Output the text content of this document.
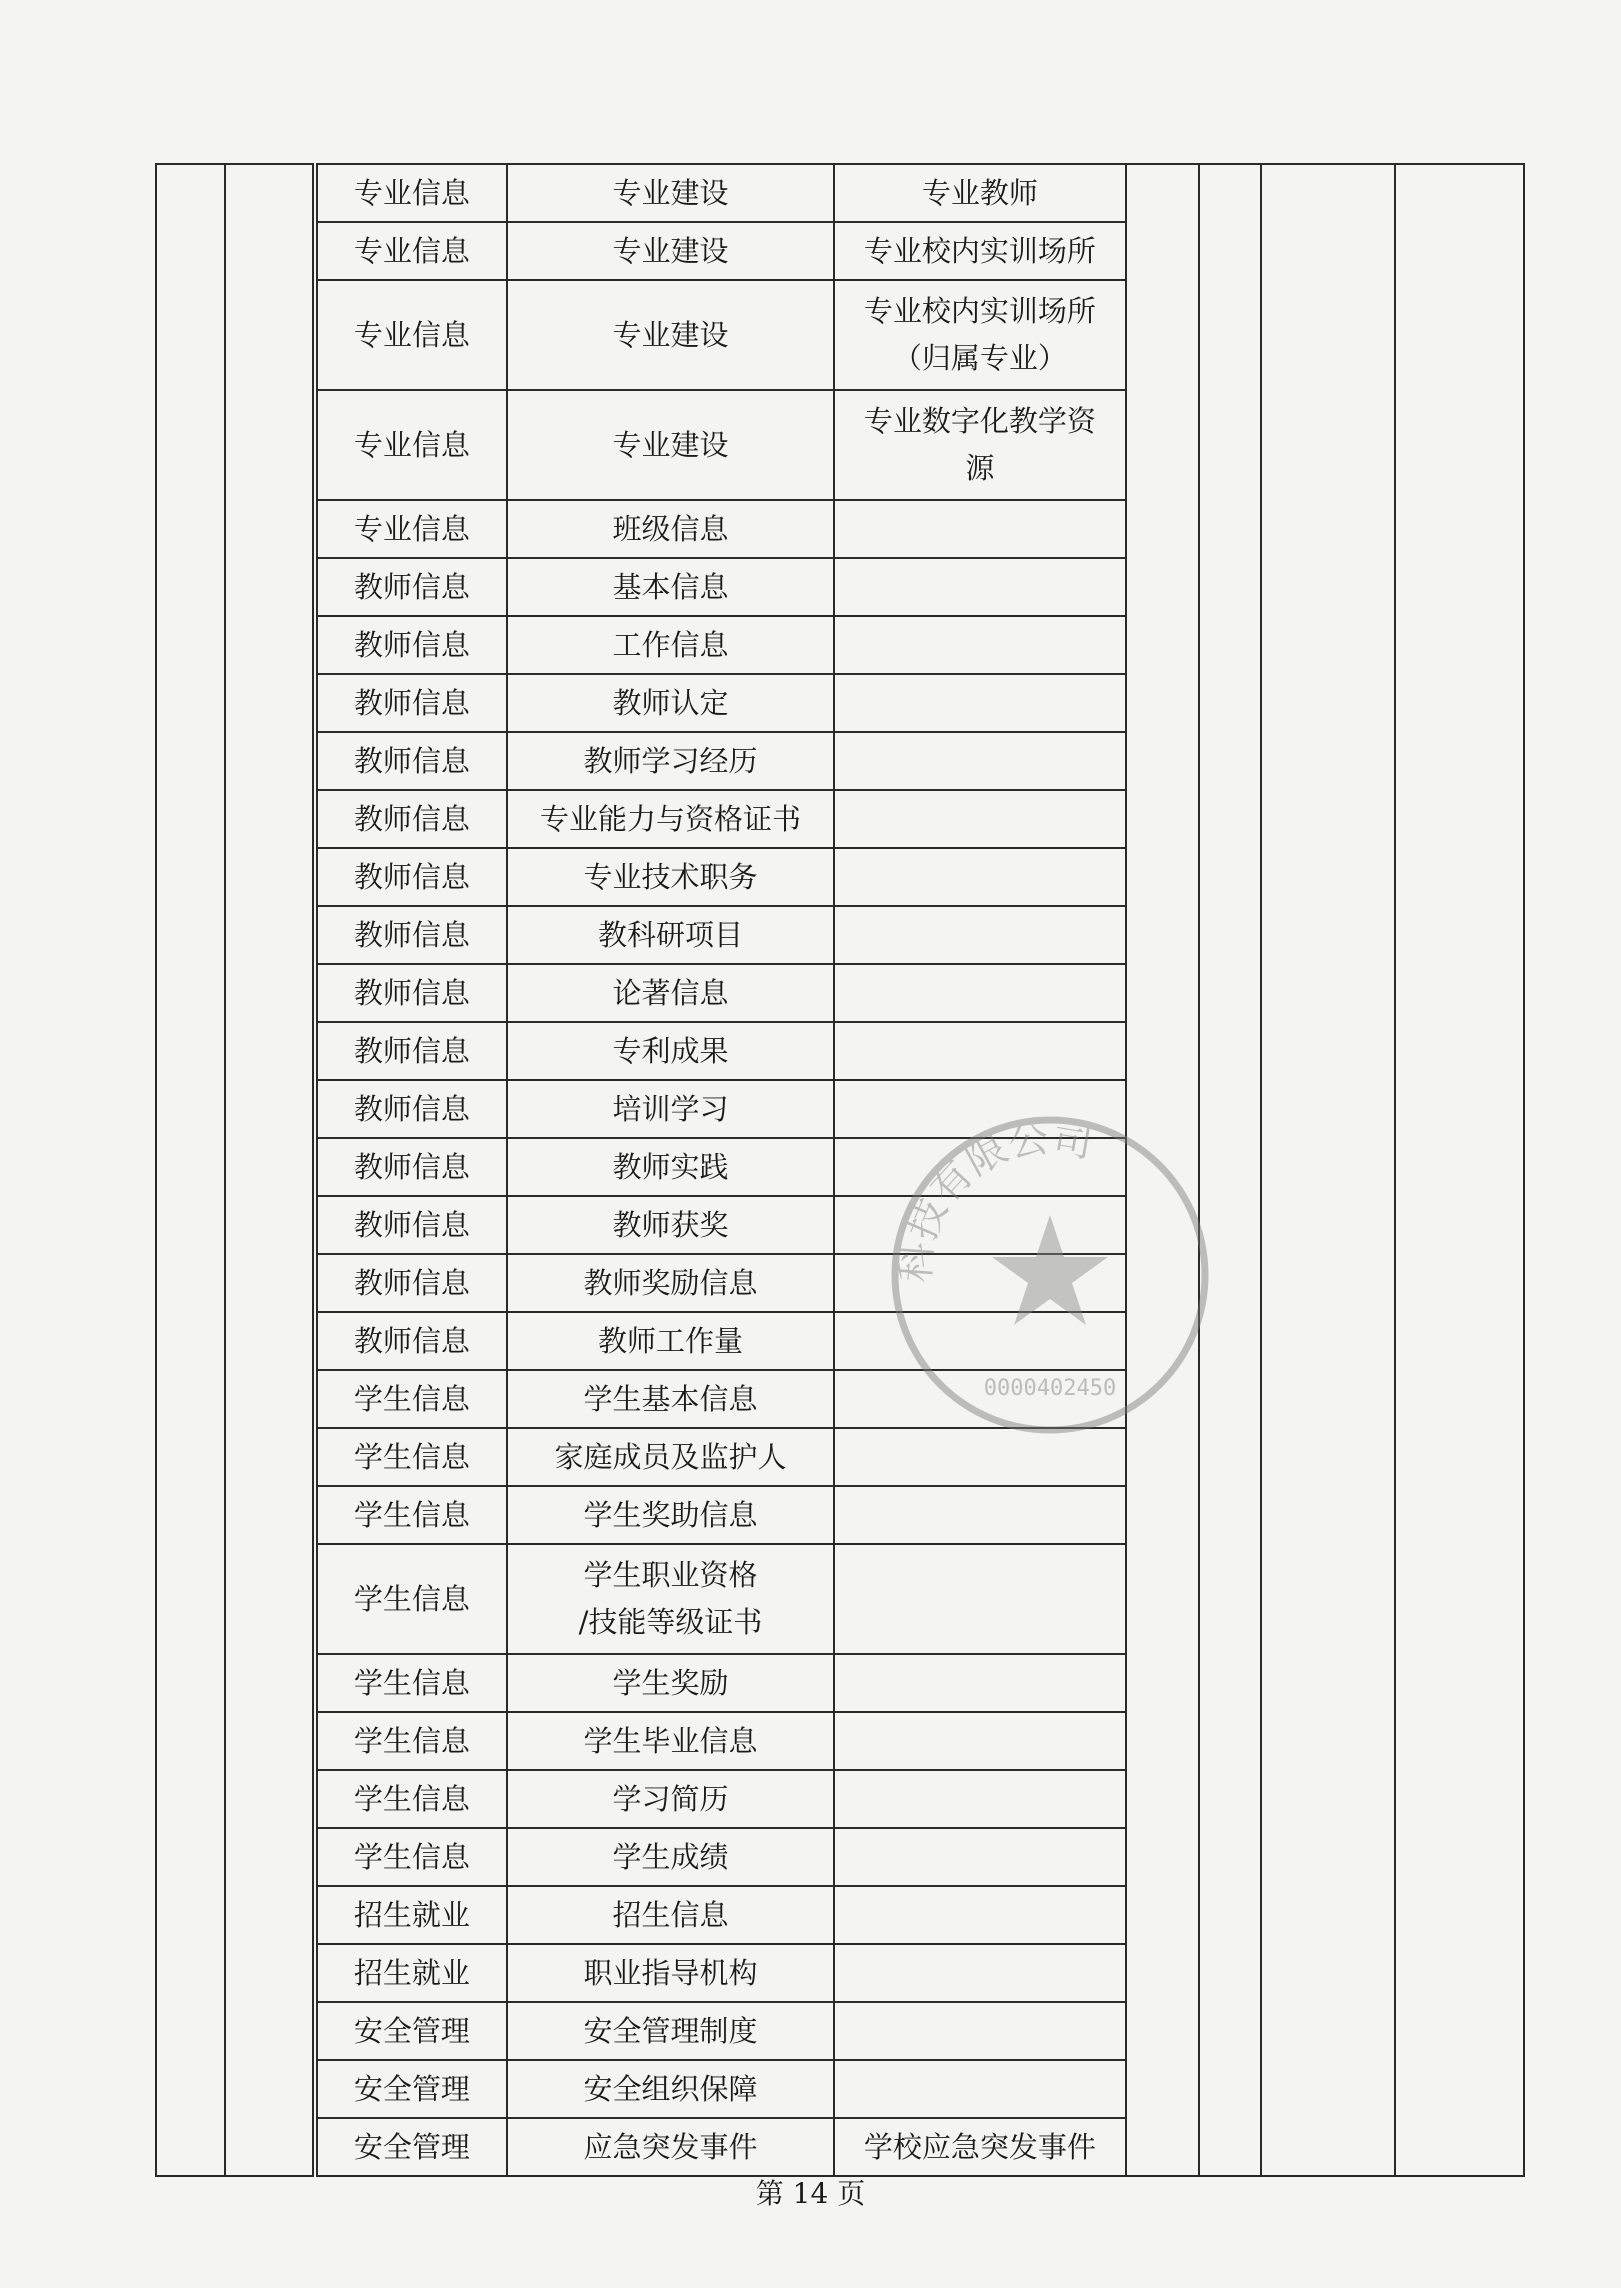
		专业信息	专业建设	专业教师				
		专业信息	专业建设	专业校内实训场所				
		专业信息	专业建设	专业校内实训场所
（归属专业）				
		专业信息	专业建设	专业数字化教学资
源				
		专业信息	班级信息					
		教师信息	基本信息					
		教师信息	工作信息					
		教师信息	教师认定					
		教师信息	教师学习经历					
		教师信息	专业能力与资格证书					
		教师信息	专业技术职务					
		教师信息	教科研项目					
		教师信息	论著信息					
		教师信息	专利成果					
		教师信息	培训学习					
		教师信息	教师实践					
		教师信息	教师获奖					
		教师信息	教师奖励信息					
		教师信息	教师工作量					
		学生信息	学生基本信息					
		学生信息	家庭成员及监护人					
		学生信息	学生奖助信息					
		学生信息	学生职业资格
/技能等级证书					
		学生信息	学生奖励					
		学生信息	学生毕业信息					
		学生信息	学习简历					
		学生信息	学生成绩					
		招生就业	招生信息					
		招生就业	职业指导机构					
		安全管理	安全管理制度					
		安全管理	安全组织保障					
		安全管理	应急突发事件	学校应急突发事件				
科技有限公司
0000402450
第 14 页
